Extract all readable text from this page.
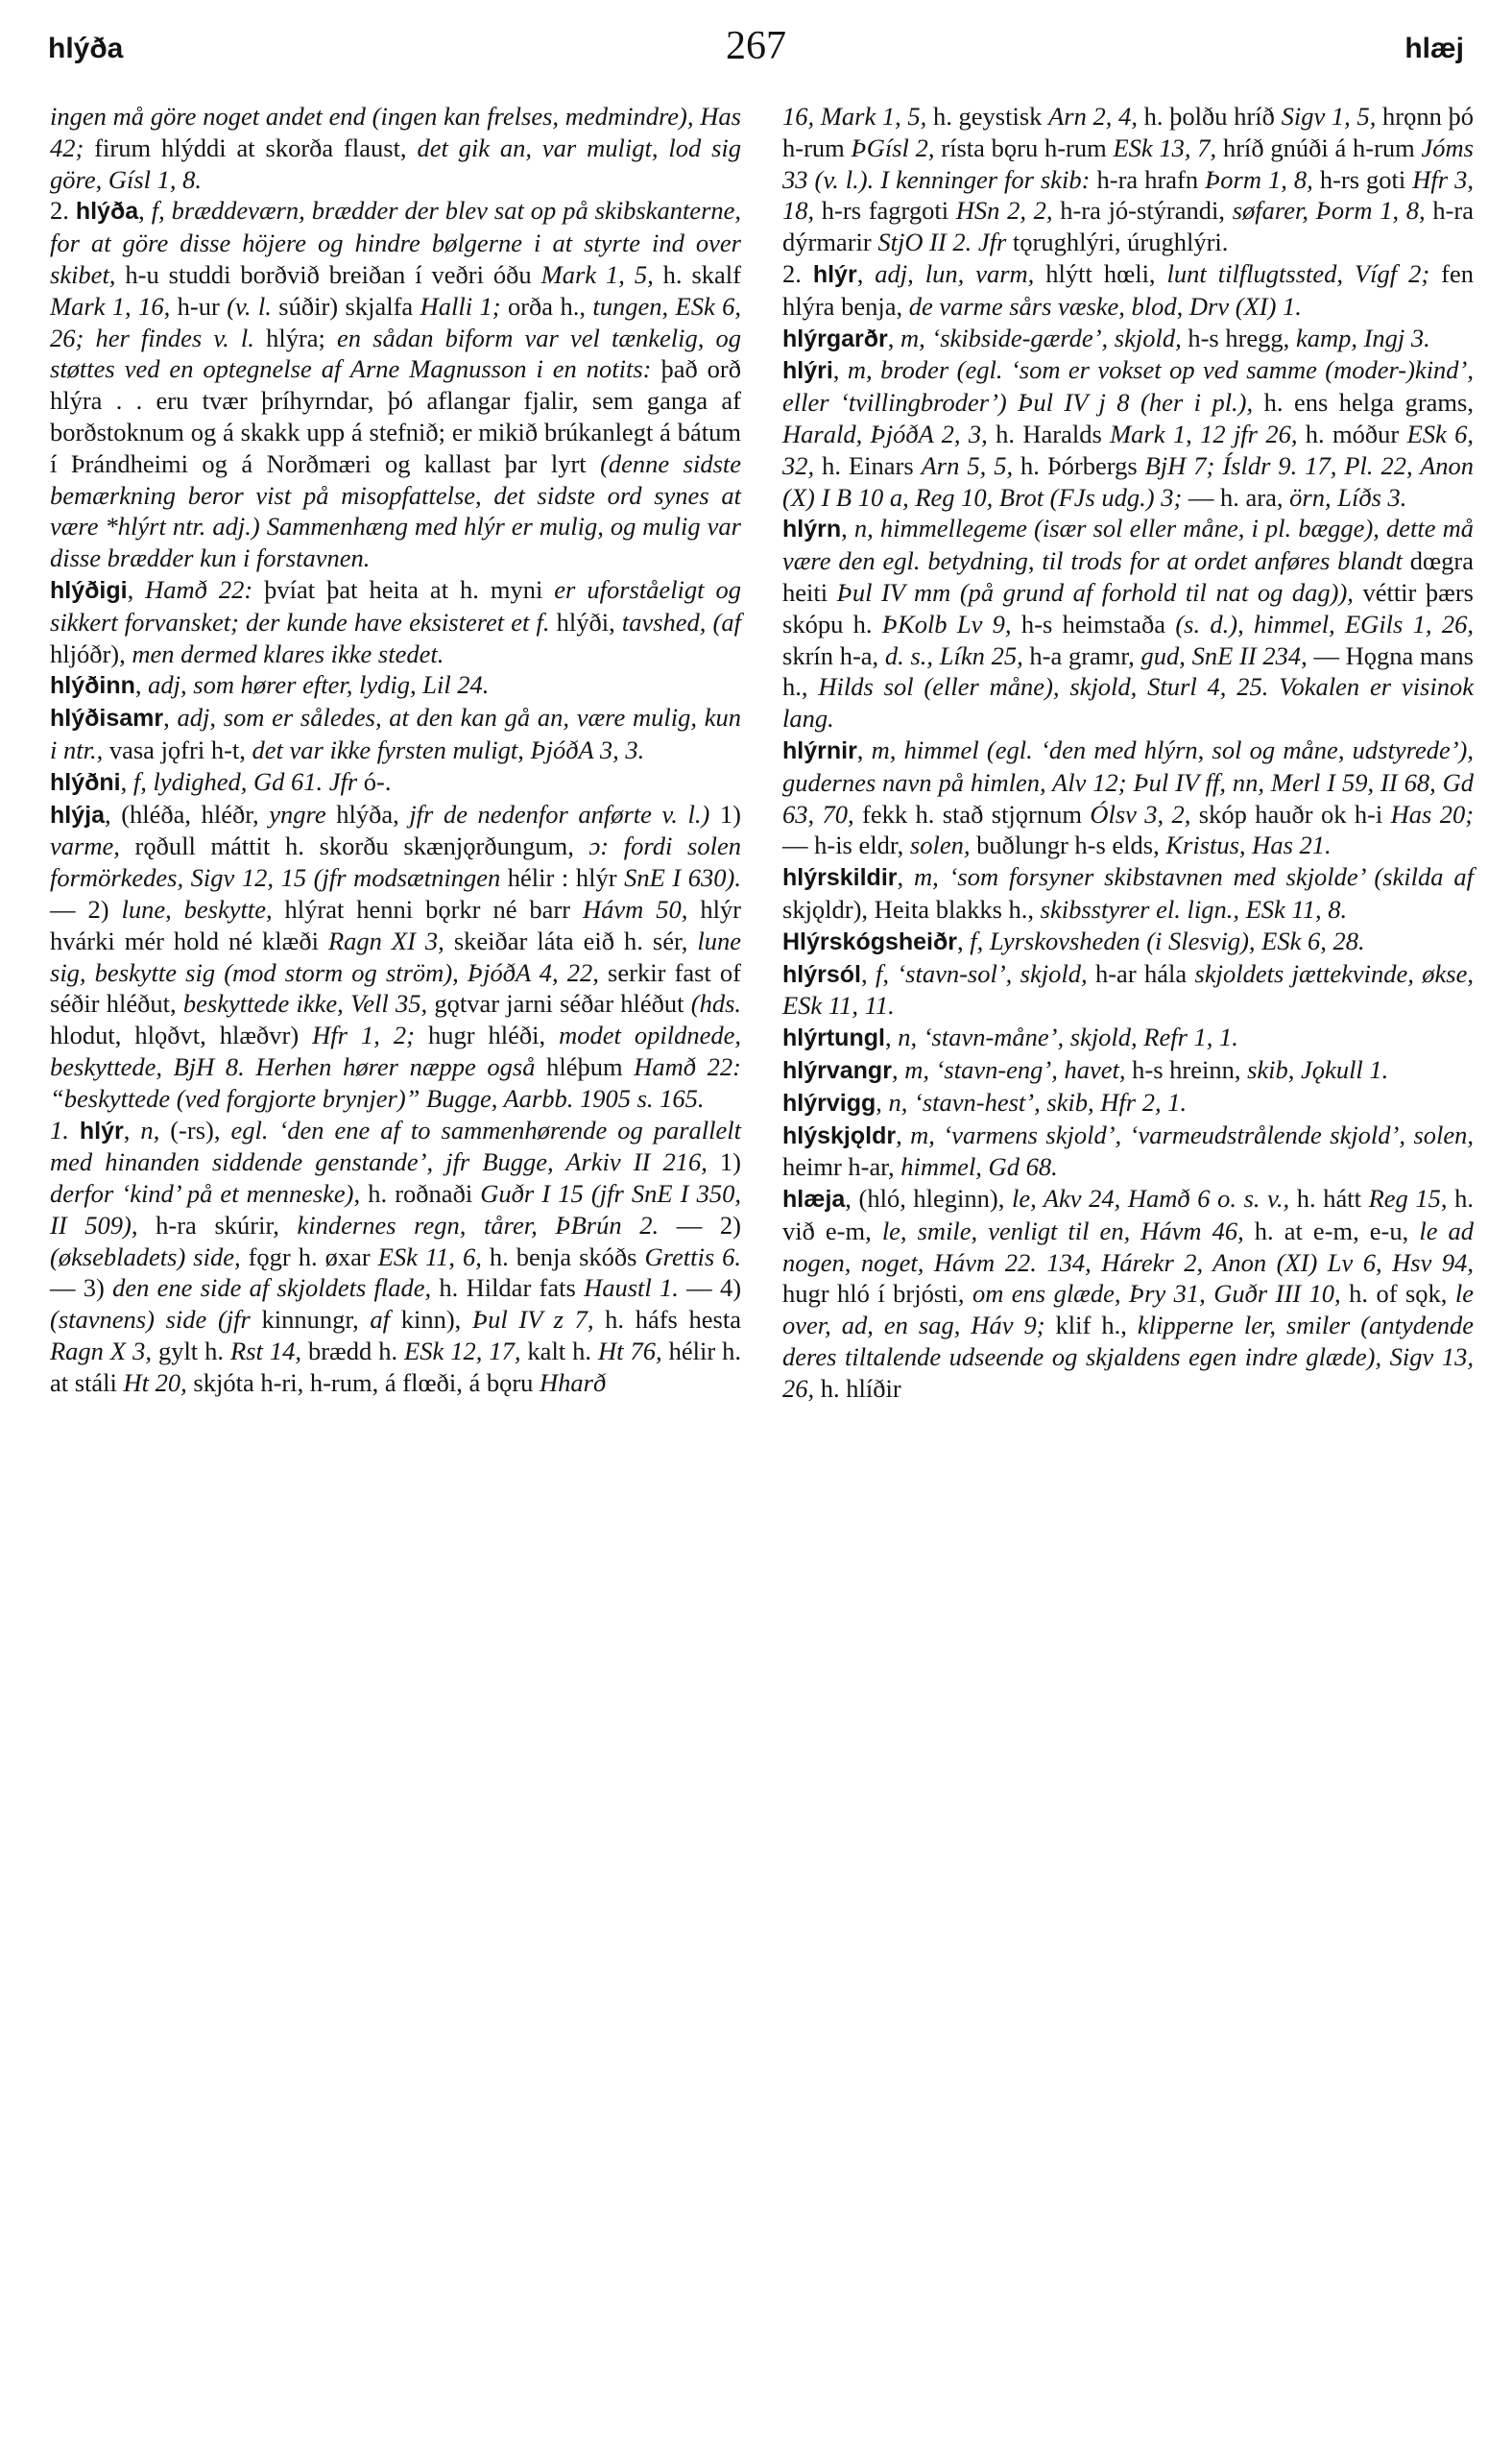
hlýða	267	hlæj

ingen må göre noget andet end (ingen kan frelses, medmindre), Has 42; firum hlýddi at skorða flaust, det gik an, var muligt, lod sig göre, Gísl 1, 8.

2. hlýða, f, bræddeværn, brædder der blev sat op på skibskanterne, for at göre disse höjere og hindre bølgerne i at styrte ind over skibet, h-u studdi borðvið breiðan í veðri óðu Mark 1, 5, h. skalf Mark 1, 16, h-ur (v. l. súðir) skjalfa Halli 1; orða h., tungen, ESk 6, 26; her findes v. l. hlýra; en sådan biform var vel tænkelig, og støttes ved en optegnelse af Arne Magnusson i en notits: það orð hlýra . . eru tvær þríhyrndar, þó aflangar fjalir, sem ganga af borðstoknum og á skakk upp á stefnið; er mikið brúkanlegt á bátum í Þrándheimi og á Norðmæri og kallast þar lyrt (denne sidste bemærkning beror vist på misopfattelse, det sidste ord synes at være *hlýrt ntr. adj.) Sammenhæng med hlýr er mulig, og mulig var disse brædder kun i forstavnen.

hlýðigi, Hamð 22: þvíat þat heita at h. myni er uforståeligt og sikkert forvansket; der kunde have eksisteret et f. hlýði, tavshed, (af hljóðr), men dermed klares ikke stedet.

hlýðinn, adj, som hører efter, lydig, Lil 24.

hlýðisamr, adj, som er således, at den kan gå an, være mulig, kun i ntr., vasa jǫfri h-t, det var ikke fyrsten muligt, ÞjóðA 3, 3.

hlýðni, f, lydighed, Gd 61. Jfr ó-.

hlýja, (hléða, hléðr, yngre hlýða, jfr de nedenfor anførte v. l.) 1) varme, rǫðull máttit h. skorðu skænjǫrðungum, ɔ: fordi solen formörkedes, Sigv 12, 15 (jfr modsætningen hélir : hlýr SnE I 630). — 2) lune, beskytte, hlýrat henni bǫrkr né barr Hávm 50, hlýr hvárki mér hold né klæði Ragn XI 3, skeiðar láta eið h. sér, lune sig, beskytte sig (mod storm og ström), ÞjóðA 4, 22, serkir fast of séðir hléðut, beskyttede ikke, Vell 35, gǫtvar jarni séðar hléðut (hds. hlodut, hlǫðvt, hlæðvr) Hfr 1, 2; hugr hléði, modet opildnede, beskyttede, BjH 8. Herhen hører næppe også hléþum Hamð 22: “beskyttede (ved forgjorte brynjer)” Bugge, Aarbb. 1905 s. 165.

1. hlýr, n, (-rs), egl. ‘den ene af to sammenhørende og parallelt med hinanden siddende genstande’, jfr Bugge, Arkiv II 216, 1) derfor ‘kind’ på et menneske), h. roðnaði Guðr I 15 (jfr SnE I 350, II 509), h-ra skúrir, kindernes regn, tårer, ÞBrún 2. — 2) (øksebladets) side, fǫgr h. øxar ESk 11, 6, h. benja skóðs Grettis 6. — 3) den ene side af skjoldets flade, h. Hildar fats Haustl 1. — 4) (stavnens) side (jfr kinnungr, af kinn), Þul IV z 7, h. háfs hesta Ragn X 3, gylt h. Rst 14, brædd h. ESk 12, 17, kalt h. Ht 76, hélir h. at stáli Ht 20, skjóta h-ri, h-rum, á flœði, á bǫru Hharð

16, Mark 1, 5, h. geystisk Arn 2, 4, h. þolðu hríð Sigv 1, 5, hrǫnn þó h-rum ÞGísl 2, rísta bǫru h-rum ESk 13, 7, hríð gnúði á h-rum Jóms 33 (v. l.). I kenninger for skib: h-ra hrafn Þorm 1, 8, h-rs goti Hfr 3, 18, h-rs fagrgoti HSn 2, 2, h-ra jó-stýrandi, søfarer, Þorm 1, 8, h-ra dýrmarir StjO II 2. Jfr tǫrughlýri, úrughlýri.

2. hlýr, adj, lun, varm, hlýtt hœli, lunt tilflugtssted, Vígf 2; fen hlýra benja, de varme sårs væske, blod, Drv (XI) 1.

hlýrgarðr, m, ‘skibside-gærde’, skjold, h-s hregg, kamp, Ingj 3.

hlýri, m, broder (egl. ‘som er vokset op ved samme (moder-)kind’, eller ‘tvillingbroder’) Þul IV j 8 (her i pl.), h. ens helga grams, Harald, ÞjóðA 2, 3, h. Haralds Mark 1, 12 jfr 26, h. móður ESk 6, 32, h. Einars Arn 5, 5, h. Þórbergs BjH 7; Ísldr 9. 17, Pl. 22, Anon (X) I B 10 a, Reg 10, Brot (FJs udg.) 3; — h. ara, örn, Líðs 3.

hlýrn, n, himmellegeme (især sol eller måne, i pl. bægge), dette må være den egl. betydning, til trods for at ordet anføres blandt dœgra heiti Þul IV mm (på grund af forhold til nat og dag)), véttir þærs skópu h. ÞKolb Lv 9, h-s heimstaða (s. d.), himmel, EGils 1, 26, skrín h-a, d. s., Líkn 25, h-a gramr, gud, SnE II 234, — Hǫgna mans h., Hilds sol (eller måne), skjold, Sturl 4, 25. Vokalen er visinok lang.

hlýrnir, m, himmel (egl. ‘den med hlýrn, sol og måne, udstyrede’), gudernes navn på himlen, Alv 12; Þul IV ff, nn, Merl I 59, II 68, Gd 63, 70, fekk h. stað stjǫrnum Ólsv 3, 2, skóp hauðr ok h-i Has 20; — h-is eldr, solen, buðlungr h-s elds, Kristus, Has 21.

hlýrskildir, m, ‘som forsyner skibstavnen med skjolde’ (skilda af skjǫldr), Heita blakks h., skibsstyrer el. lign., ESk 11, 8.

Hlýrskógsheiðr, f, Lyrskovsheden (i Slesvig), ESk 6, 28.

hlýrsól, f, ‘stavn-sol’, skjold, h-ar hála skjoldets jættekvinde, økse, ESk 11, 11.

hlýrtungl, n, ‘stavn-måne’, skjold, Refr 1, 1.

hlýrvangr, m, ‘stavn-eng’, havet, h-s hreinn, skib, Jǫkull 1.

hlýrvigg, n, ‘stavn-hest’, skib, Hfr 2, 1.

hlýskjǫldr, m, ‘varmens skjold’, ‘varmeudstrålende skjold’, solen, heimr h-ar, himmel, Gd 68.

hlæja, (hló, hleginn), le, Akv 24, Hamð 6 o. s. v., h. hátt Reg 15, h. við e-m, le, smile, venligt til en, Hávm 46, h. at e-m, e-u, le ad nogen, noget, Hávm 22. 134, Hárekr 2, Anon (XI) Lv 6, Hsv 94, hugr hló í brjósti, om ens glæde, Þry 31, Guðr III 10, h. of sǫk, le over, ad, en sag, Háv 9; klif h., klipperne ler, smiler (antydende deres tiltalende udseende og skjaldens egen indre glæde), Sigv 13, 26, h. hlíðir
